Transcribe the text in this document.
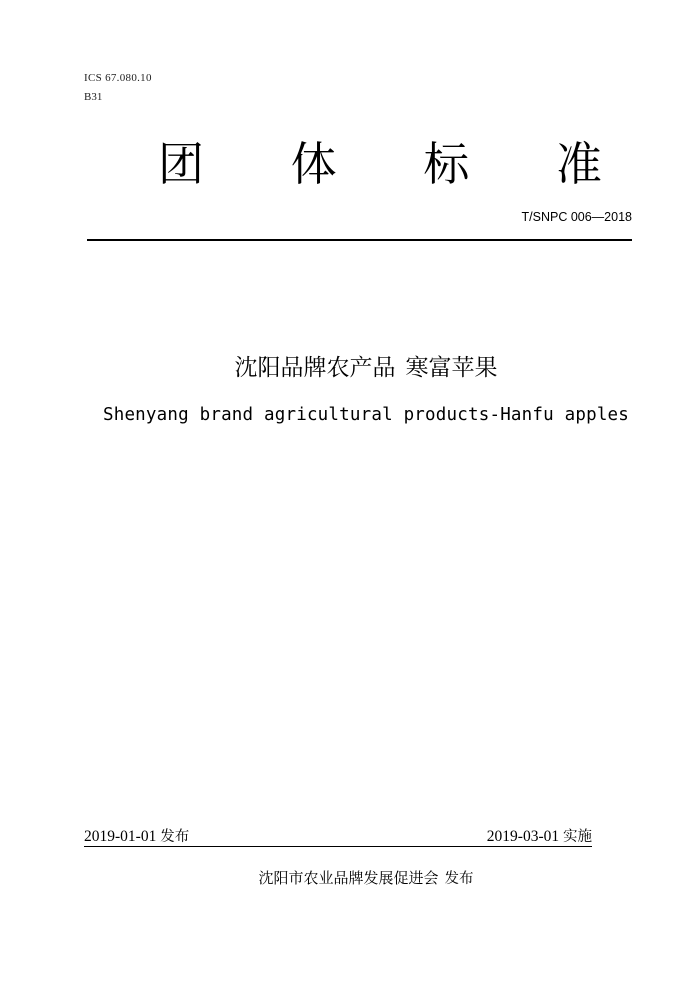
ICS 67.080.10
B31
团	体	标	准
T/SNPC 006—2018
沈阳品牌农产品 寒富苹果
Shenyang brand agricultural products-Hanfu apples
2019-01-01 发布	2019-03-01 实施
沈阳市农业品牌发展促进会 发布
